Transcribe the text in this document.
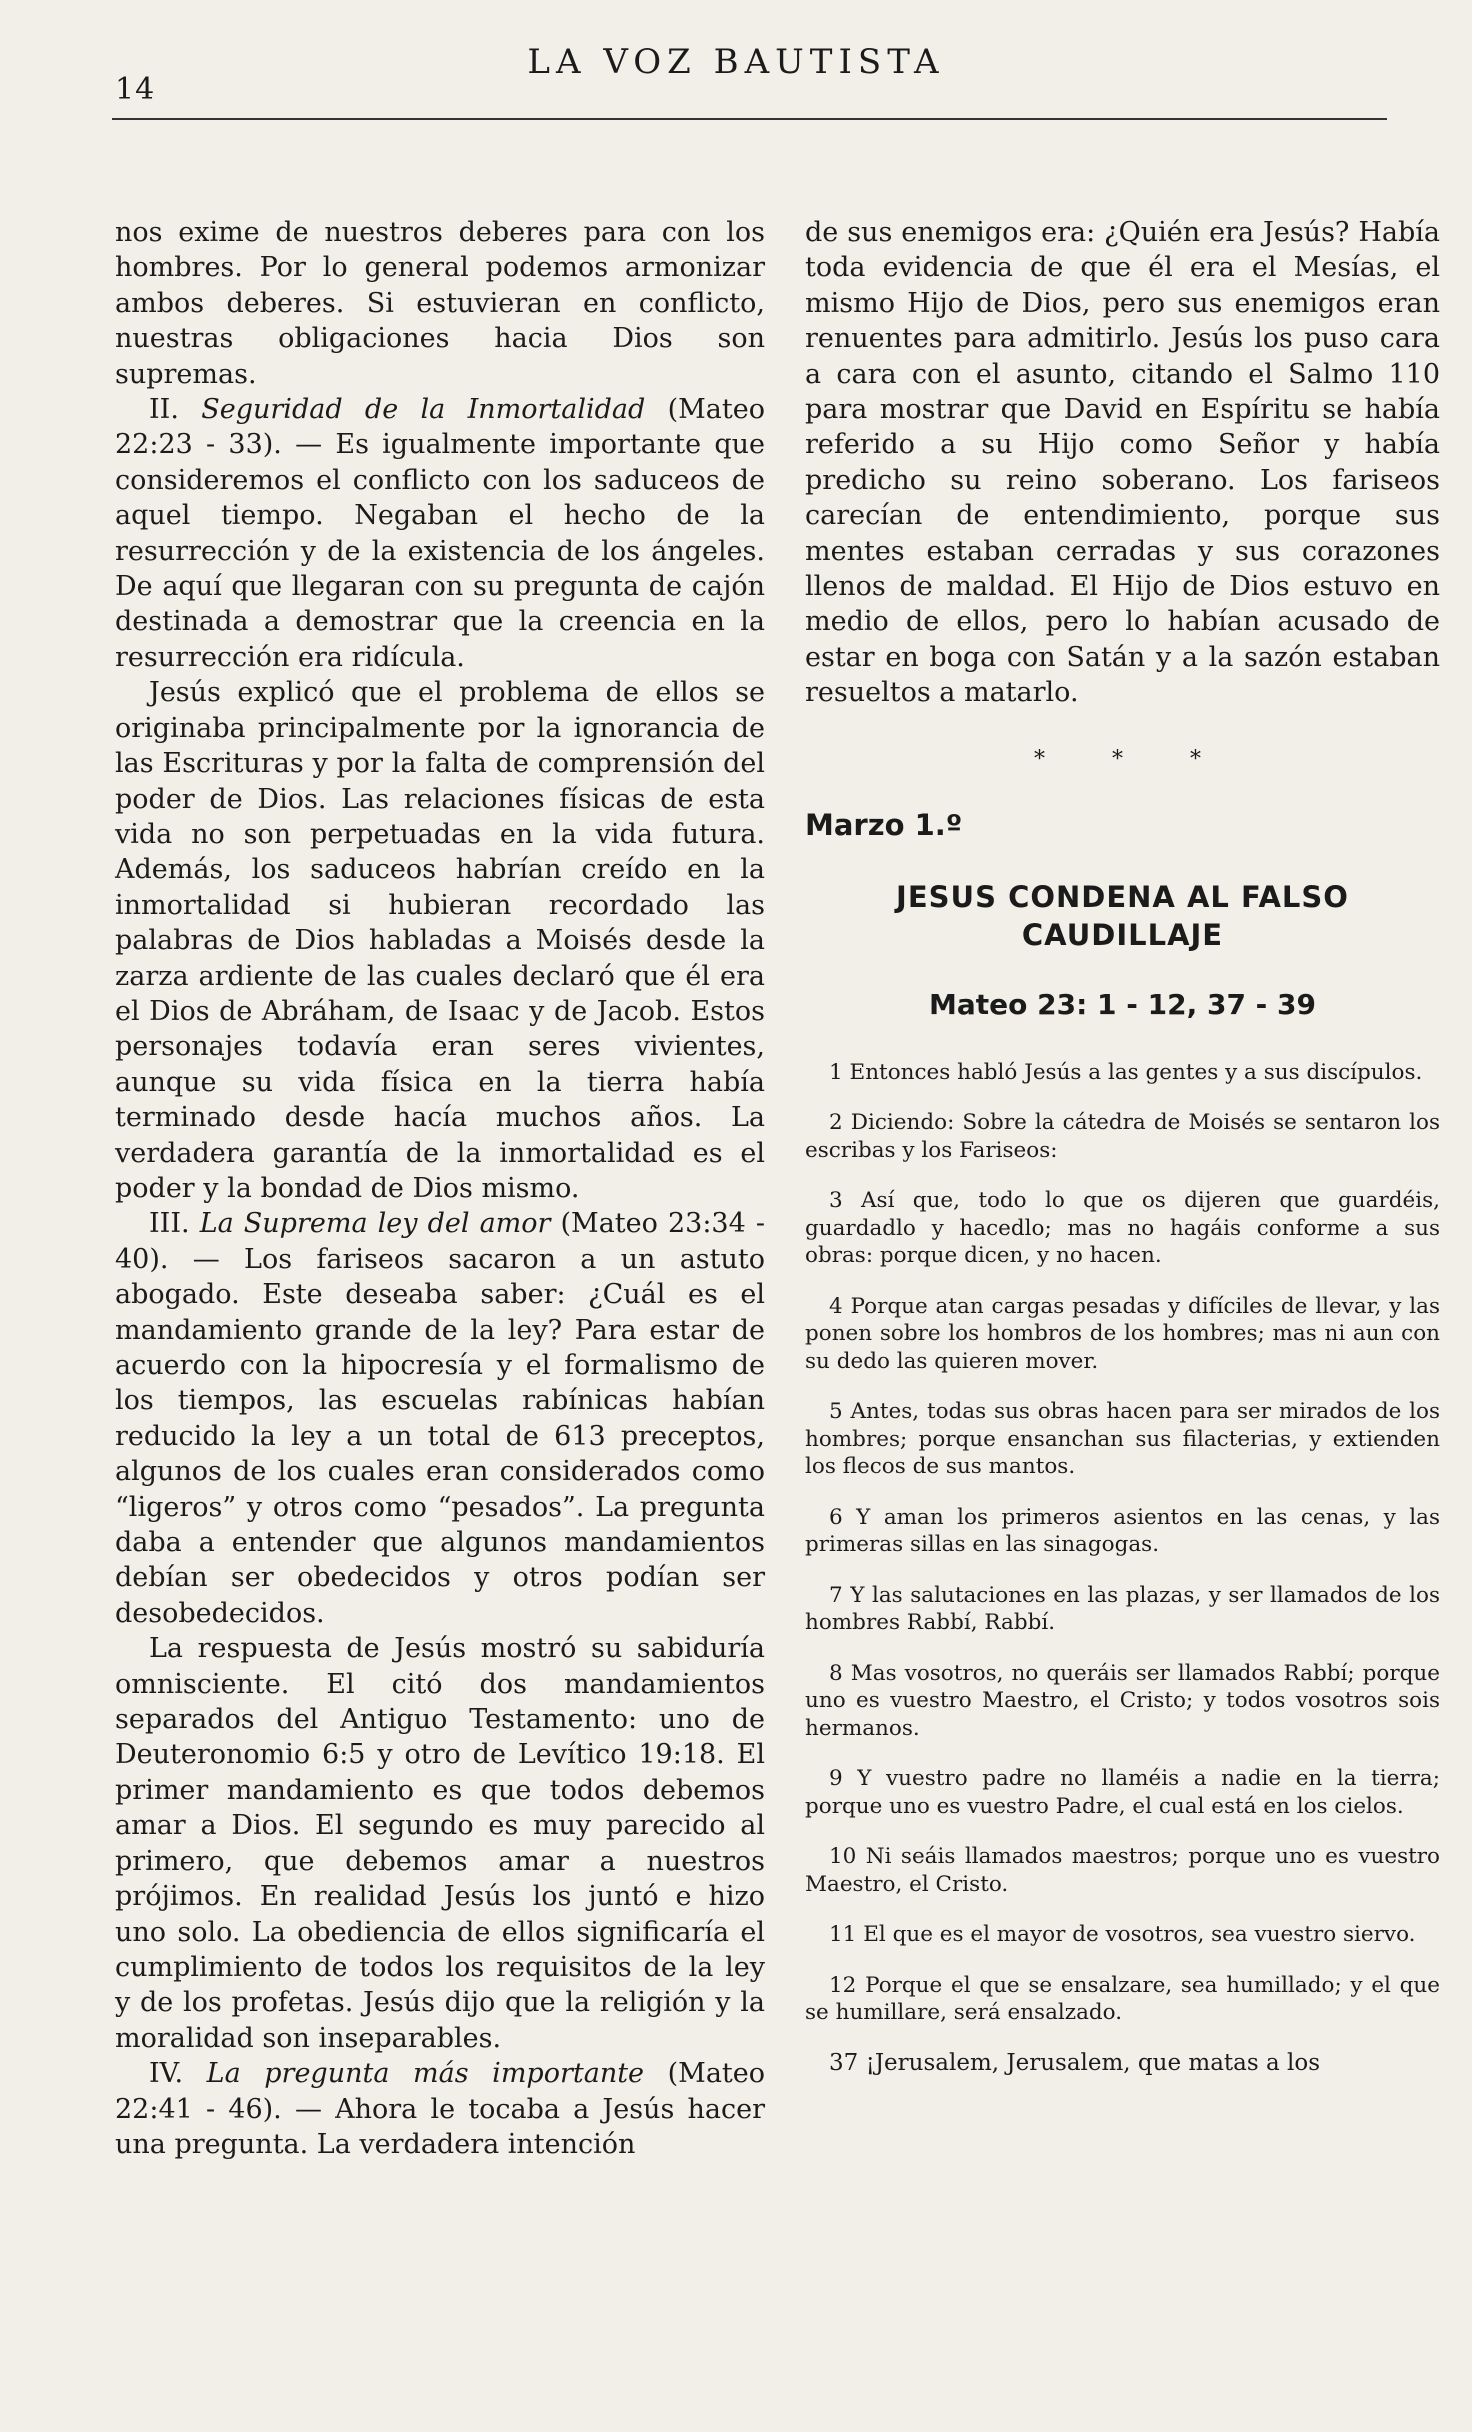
14
LA VOZ BAUTISTA

nos exime de nuestros deberes para con los hombres. Por lo general podemos armonizar ambos deberes. Si estuvieran en conflicto, nuestras obligaciones hacia Dios son supremas.

II. Seguridad de la Inmortalidad (Mateo 22:23 - 33). — Es igualmente importante que consideremos el conflicto con los saduceos de aquel tiempo. Negaban el hecho de la resurrección y de la existencia de los ángeles. De aquí que llegaran con su pregunta de cajón destinada a demostrar que la creencia en la resurrección era ridícula.

Jesús explicó que el problema de ellos se originaba principalmente por la ignorancia de las Escrituras y por la falta de comprensión del poder de Dios. Las relaciones físicas de esta vida no son perpetuadas en la vida futura. Además, los saduceos habrían creído en la inmortalidad si hubieran recordado las palabras de Dios habladas a Moisés desde la zarza ardiente de las cuales declaró que él era el Dios de Abráham, de Isaac y de Jacob. Estos personajes todavía eran seres vivientes, aunque su vida física en la tierra había terminado desde hacía muchos años. La verdadera garantía de la inmortalidad es el poder y la bondad de Dios mismo.

III. La Suprema ley del amor (Mateo 23:34 - 40). — Los fariseos sacaron a un astuto abogado. Este deseaba saber: ¿Cuál es el mandamiento grande de la ley? Para estar de acuerdo con la hipocresía y el formalismo de los tiempos, las escuelas rabínicas habían reducido la ley a un total de 613 preceptos, algunos de los cuales eran considerados como “ligeros” y otros como “pesados”. La pregunta daba a entender que algunos mandamientos debían ser obedecidos y otros podían ser desobedecidos.

La respuesta de Jesús mostró su sabiduría omnisciente. El citó dos mandamientos separados del Antiguo Testamento: uno de Deuteronomio 6:5 y otro de Levítico 19:18. El primer mandamiento es que todos debemos amar a Dios. El segundo es muy parecido al primero, que debemos amar a nuestros prójimos. En realidad Jesús los juntó e hizo uno solo. La obediencia de ellos significaría el cumplimiento de todos los requisitos de la ley y de los profetas. Jesús dijo que la religión y la moralidad son inseparables.

IV. La pregunta más importante (Mateo 22:41 - 46). — Ahora le tocaba a Jesús hacer una pregunta. La verdadera intención

de sus enemigos era: ¿Quién era Jesús? Había toda evidencia de que él era el Mesías, el mismo Hijo de Dios, pero sus enemigos eran renuentes para admitirlo. Jesús los puso cara a cara con el asunto, citando el Salmo 110 para mostrar que David en Espíritu se había referido a su Hijo como Señor y había predicho su reino soberano. Los fariseos carecían de entendimiento, porque sus mentes estaban cerradas y sus corazones llenos de maldad. El Hijo de Dios estuvo en medio de ellos, pero lo habían acusado de estar en boga con Satán y a la sazón estaban resueltos a matarlo.

* * *
Marzo 1.º
JESUS CONDENA AL FALSO CAUDILLAJE
Mateo 23: 1 - 12, 37 - 39

1 Entonces habló Jesús a las gentes y a sus discípulos.

2 Diciendo: Sobre la cátedra de Moisés se sentaron los escribas y los Fariseos:

3 Así que, todo lo que os dijeren que guardéis, guardadlo y hacedlo; mas no hagáis conforme a sus obras: porque dicen, y no hacen.

4 Porque atan cargas pesadas y difíciles de llevar, y las ponen sobre los hombros de los hombres; mas ni aun con su dedo las quieren mover.

5 Antes, todas sus obras hacen para ser mirados de los hombres; porque ensanchan sus filacterias, y extienden los flecos de sus mantos.

6 Y aman los primeros asientos en las cenas, y las primeras sillas en las sinagogas.

7 Y las salutaciones en las plazas, y ser llamados de los hombres Rabbí, Rabbí.

8 Mas vosotros, no queráis ser llamados Rabbí; porque uno es vuestro Maestro, el Cristo; y todos vosotros sois hermanos.

9 Y vuestro padre no llaméis a nadie en la tierra; porque uno es vuestro Padre, el cual está en los cielos.

10 Ni seáis llamados maestros; porque uno es vuestro Maestro, el Cristo.

11 El que es el mayor de vosotros, sea vuestro siervo.

12 Porque el que se ensalzare, sea humillado; y el que se humillare, será ensalzado.

37 ¡Jerusalem, Jerusalem, que matas a los
